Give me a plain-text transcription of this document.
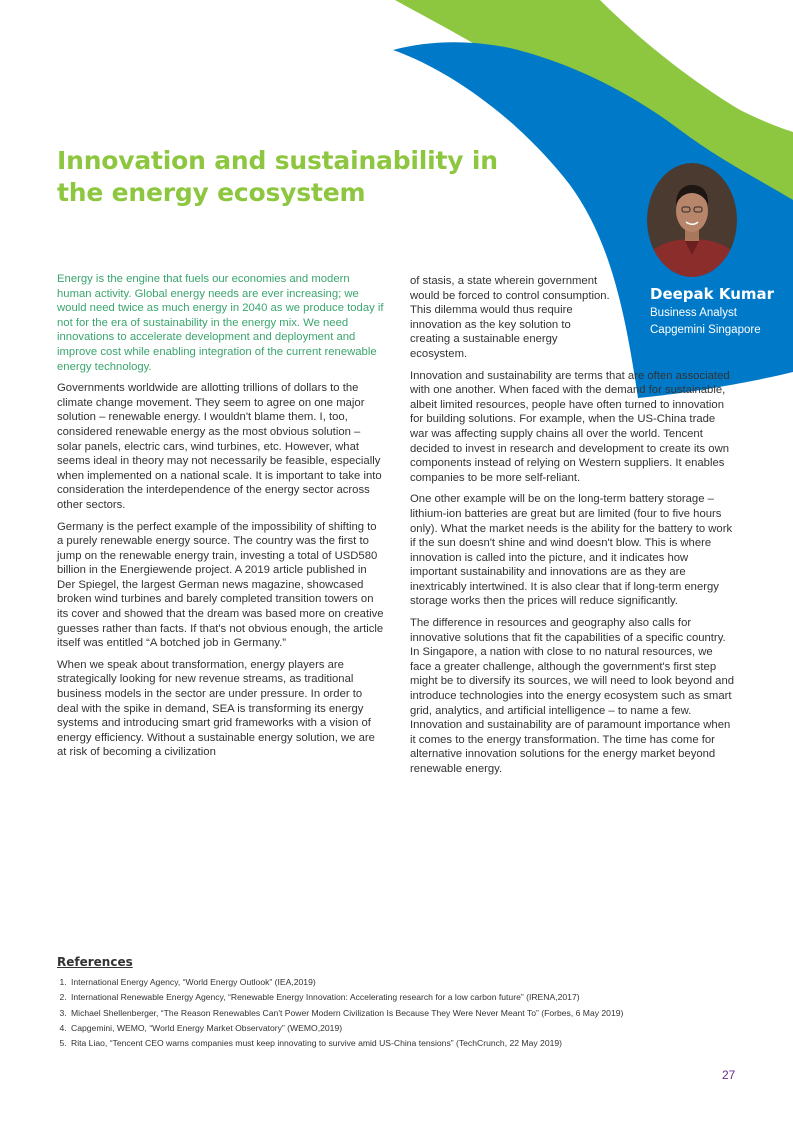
Innovation and sustainability in the energy ecosystem
Deepak Kumar
Business Analyst
Capgemini Singapore

Energy is the engine that fuels our economies and modern human activity. Global energy needs are ever increasing; we would need twice as much energy in 2040 as we produce today if not for the era of sustainability in the energy mix. We need innovations to accelerate development and deployment and improve cost while enabling integration of the current renewable energy technology.

Governments worldwide are allotting trillions of dollars to the climate change movement. They seem to agree on one major solution – renewable energy. I wouldn't blame them. I, too, considered renewable energy as the most obvious solution – solar panels, electric cars, wind turbines, etc. However, what seems ideal in theory may not necessarily be feasible, especially when implemented on a national scale. It is important to take into consideration the interdependence of the energy sector across other sectors.

Germany is the perfect example of the impossibility of shifting to a purely renewable energy source. The country was the first to jump on the renewable energy train, investing a total of USD580 billion in the Energiewende project. A 2019 article published in Der Spiegel, the largest German news magazine, showcased broken wind turbines and barely completed transition towers on its cover and showed that the dream was based more on creative guesses rather than facts. If that's not obvious enough, the article itself was entitled “A botched job in Germany.”

When we speak about transformation, energy players are strategically looking for new revenue streams, as traditional business models in the sector are under pressure. In order to deal with the spike in demand, SEA is transforming its energy systems and introducing smart grid frameworks with a vision of energy efficiency. Without a sustainable energy solution, we are at risk of becoming a civilization

of stasis, a state wherein government would be forced to control consumption. This dilemma would thus require innovation as the key solution to creating a sustainable energy ecosystem.

Innovation and sustainability are terms that are often associated with one another. When faced with the demand for sustainable, albeit limited resources, people have often turned to innovation for building solutions. For example, when the US-China trade war was affecting supply chains all over the world. Tencent decided to invest in research and development to create its own components instead of relying on Western suppliers. It enables companies to be more self-reliant.

One other example will be on the long-term battery storage – lithium-ion batteries are great but are limited (four to five hours only). What the market needs is the ability for the battery to work if the sun doesn't shine and wind doesn't blow. This is where innovation is called into the picture, and it indicates how important sustainability and innovations are as they are inextricably intertwined. It is also clear that if long-term energy storage works then the prices will reduce significantly.

The difference in resources and geography also calls for innovative solutions that fit the capabilities of a specific country. In Singapore, a nation with close to no natural resources, we face a greater challenge, although the government's first step might be to diversify its sources, we will need to look beyond and introduce technologies into the energy ecosystem such as smart grid, analytics, and artificial intelligence – to name a few. Innovation and sustainability are of paramount importance when it comes to the energy transformation. The time has come for alternative innovation solutions for the energy market beyond renewable energy.

References
1. International Energy Agency, “World Energy Outlook” (IEA,2019)
2. International Renewable Energy Agency, “Renewable Energy Innovation: Accelerating research for a low carbon future” (IRENA,2017)
3. Michael Shellenberger, “The Reason Renewables Can't Power Modern Civilization Is Because They Were Never Meant To” (Forbes, 6 May 2019)
4. Capgemini, WEMO, “World Energy Market Observatory” (WEMO,2019)
5. Rita Liao, “Tencent CEO warns companies must keep innovating to survive amid US-China tensions” (TechCrunch, 22 May 2019)
27
